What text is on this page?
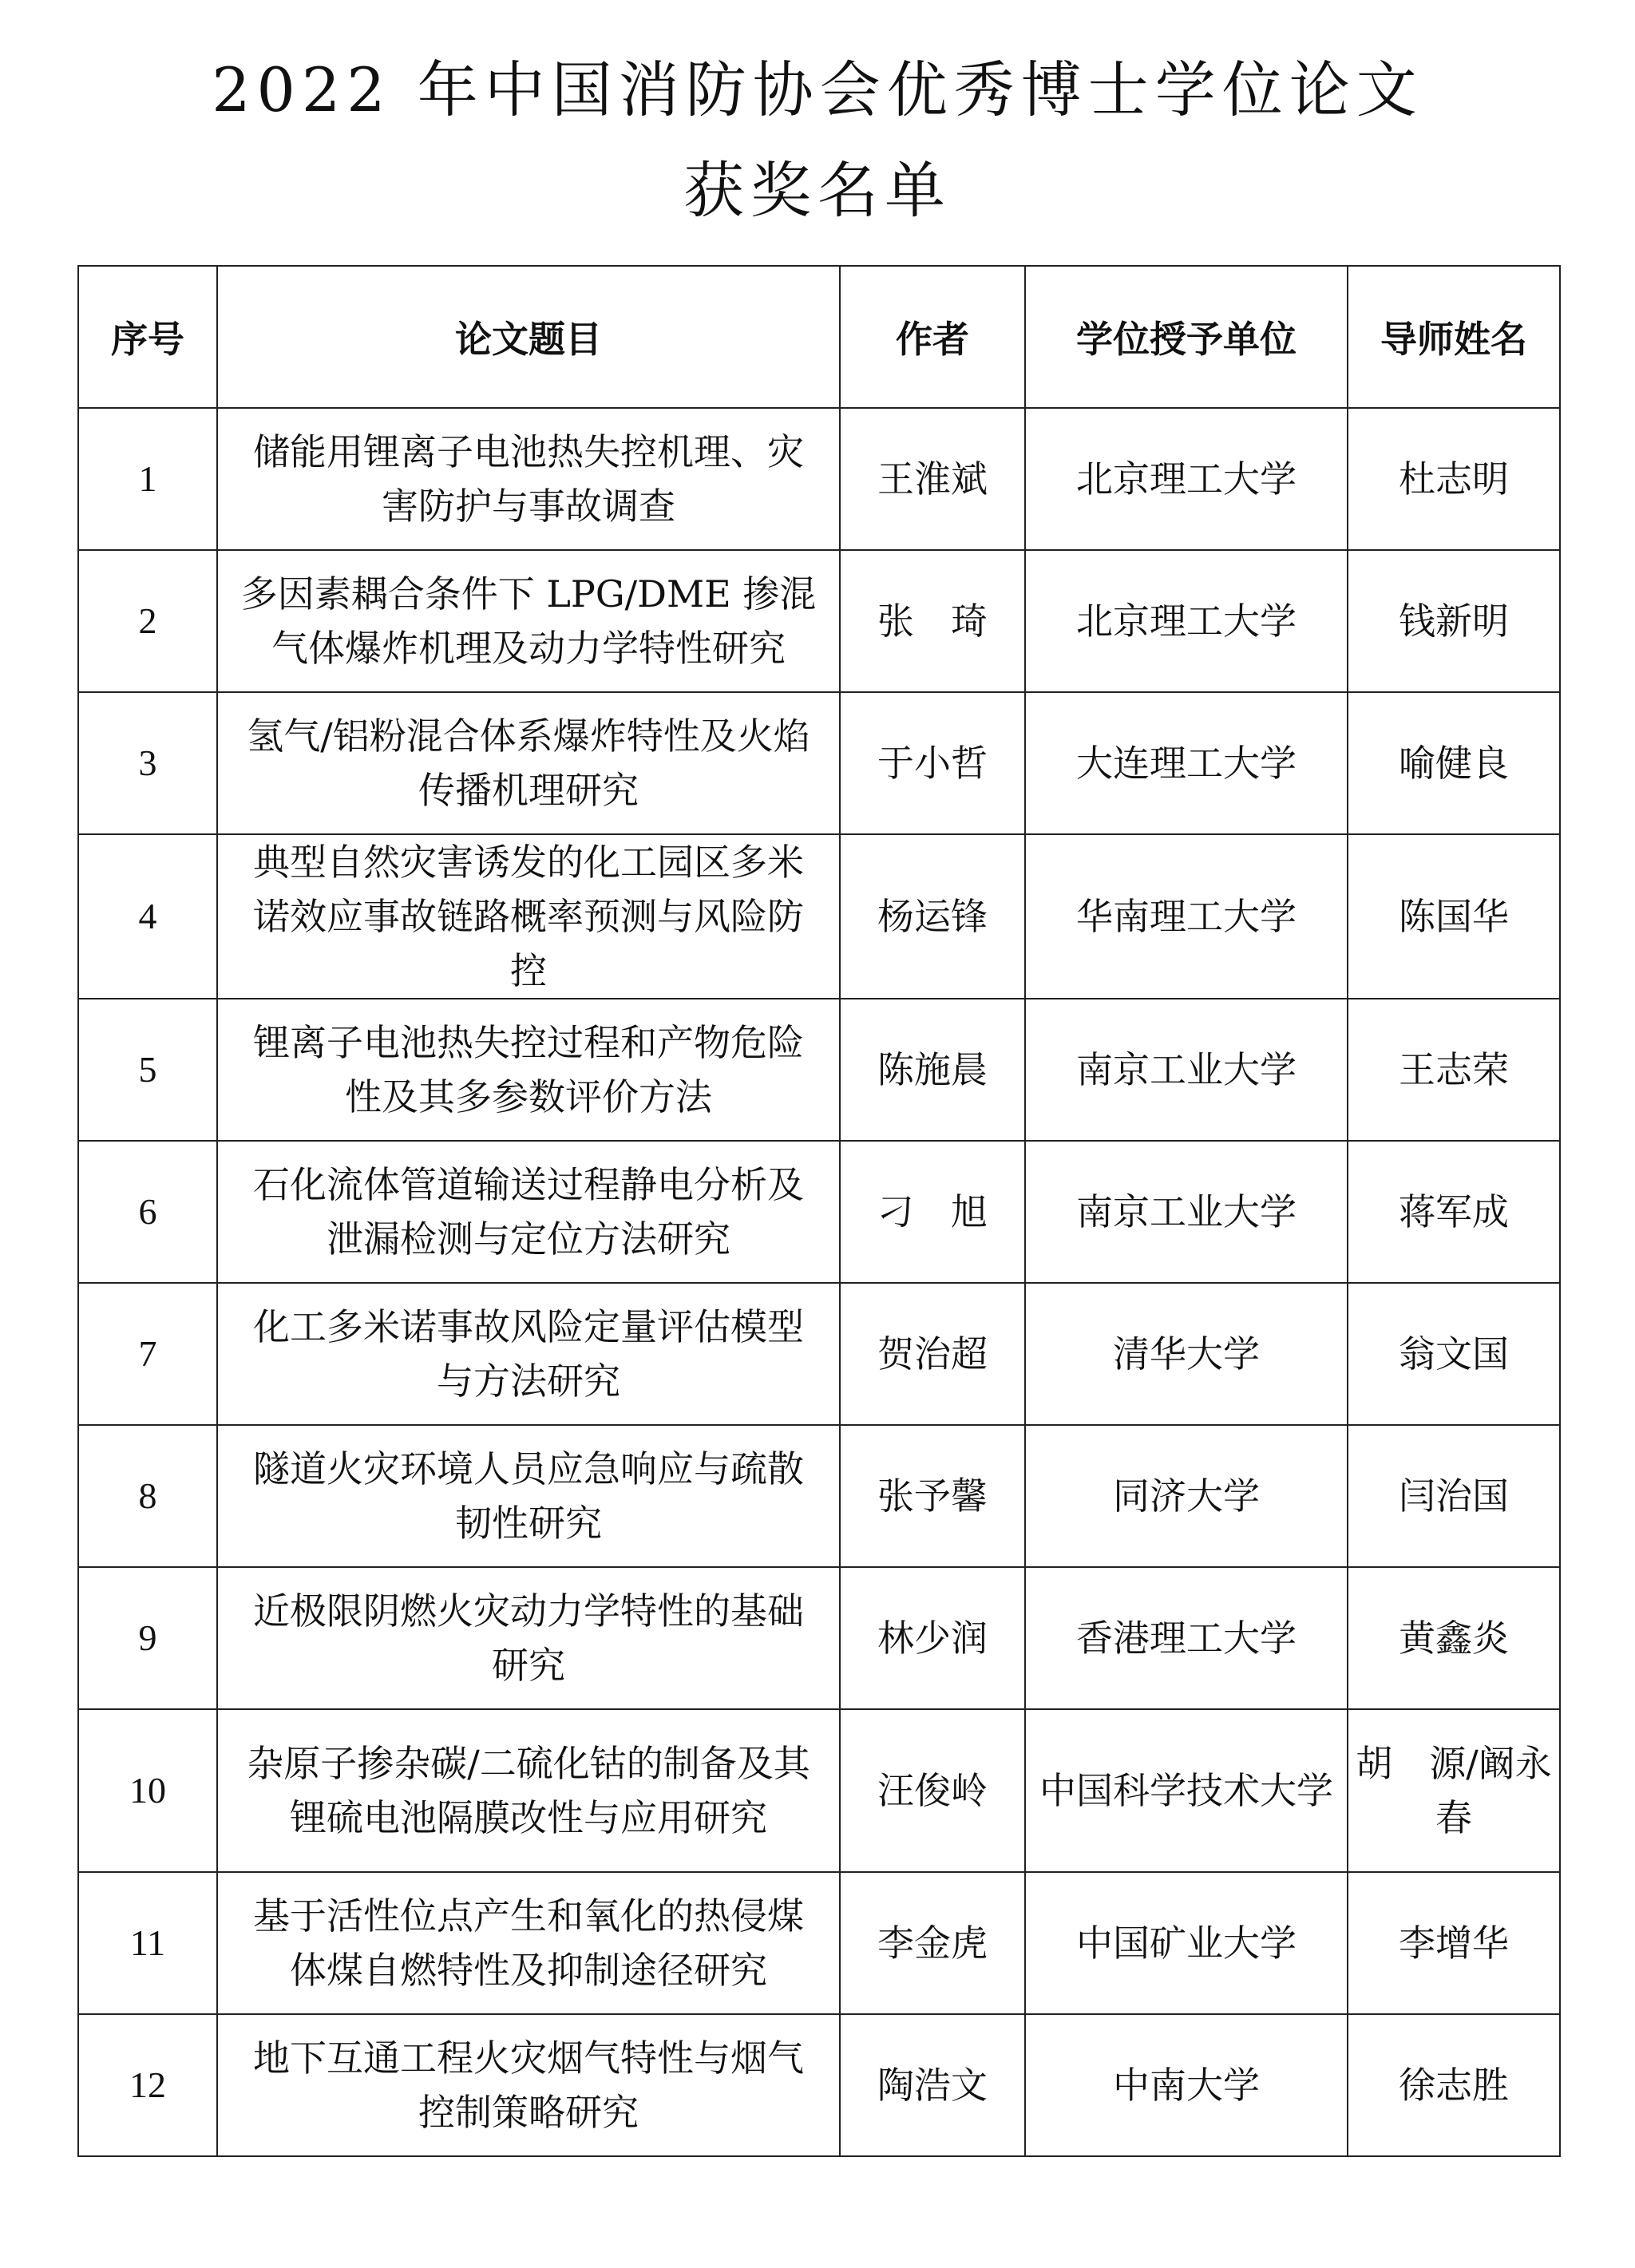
2022 年中国消防协会优秀博士学位论文
获奖名单
序号	论文题目	作者	学位授予单位	导师姓名
1	储能用锂离子电池热失控机理、灾害防护与事故调查	王淮斌	北京理工大学	杜志明
2	多因素耦合条件下 LPG/DME 掺混气体爆炸机理及动力学特性研究	张　琦	北京理工大学	钱新明
3	氢气/铝粉混合体系爆炸特性及火焰传播机理研究	于小哲	大连理工大学	喻健良
4	典型自然灾害诱发的化工园区多米诺效应事故链路概率预测与风险防控	杨运锋	华南理工大学	陈国华
5	锂离子电池热失控过程和产物危险性及其多参数评价方法	陈施晨	南京工业大学	王志荣
6	石化流体管道输送过程静电分析及泄漏检测与定位方法研究	刁　旭	南京工业大学	蒋军成
7	化工多米诺事故风险定量评估模型与方法研究	贺治超	清华大学	翁文国
8	隧道火灾环境人员应急响应与疏散韧性研究	张予馨	同济大学	闫治国
9	近极限阴燃火灾动力学特性的基础研究	林少润	香港理工大学	黄鑫炎
10	杂原子掺杂碳/二硫化钴的制备及其锂硫电池隔膜改性与应用研究	汪俊岭	中国科学技术大学	胡　源/阚永春
11	基于活性位点产生和氧化的热侵煤体煤自燃特性及抑制途径研究	李金虎	中国矿业大学	李增华
12	地下互通工程火灾烟气特性与烟气控制策略研究	陶浩文	中南大学	徐志胜
